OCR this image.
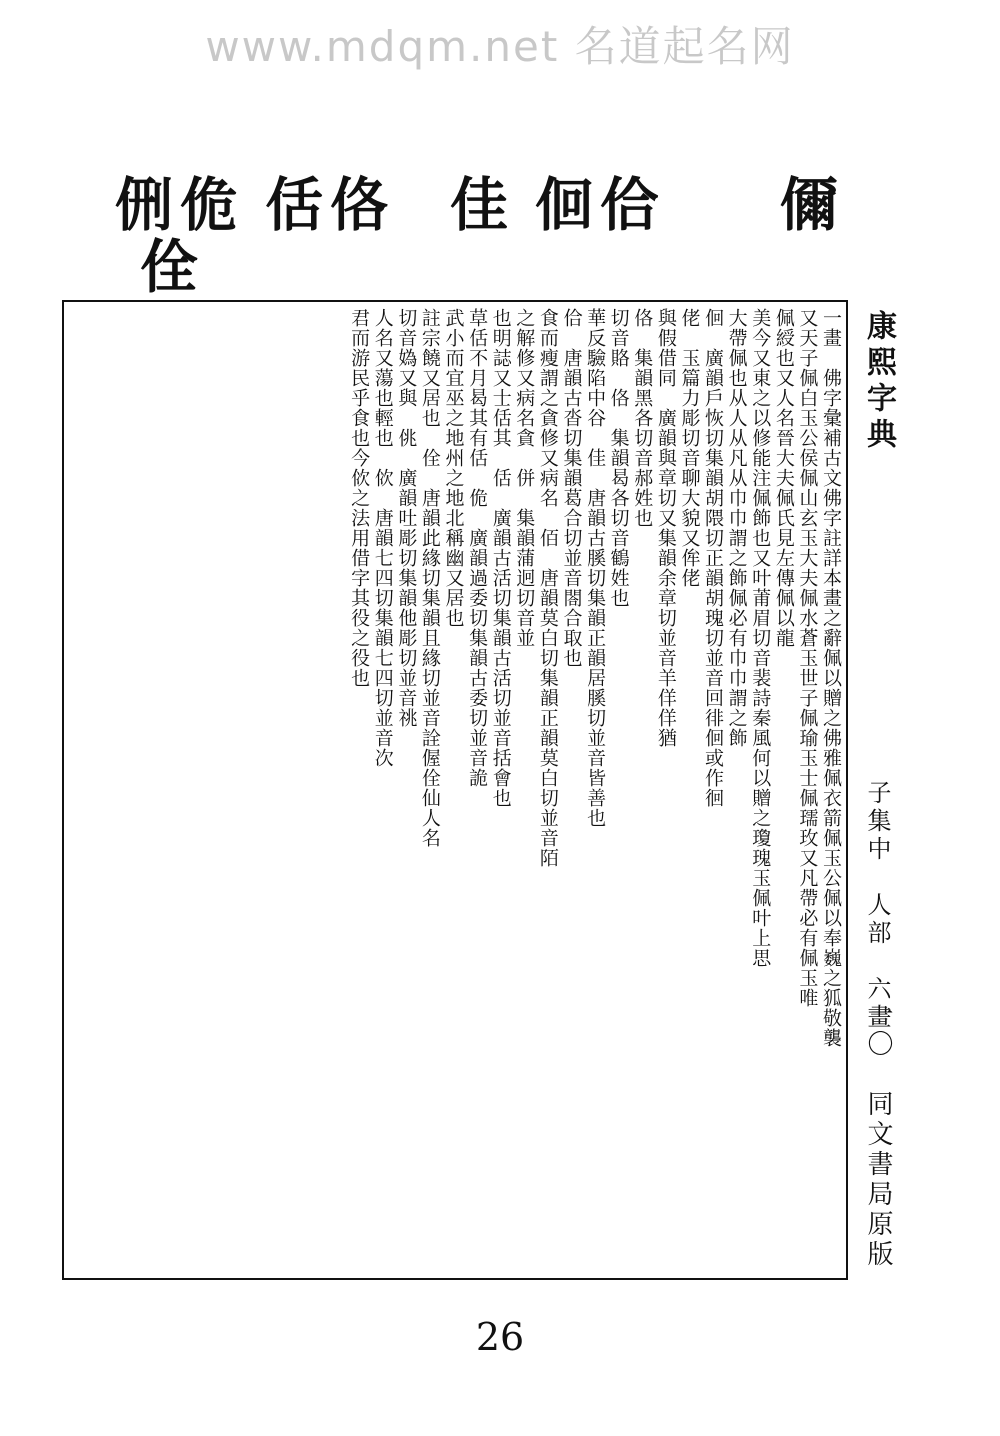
www.mdqm.net 名道起名网
儞
佮
佪
佳
佫
佸
佹
侀
佺
一畫　佛字彙補古文佛字註詳本畫之辭佩以贈之佛雅佩衣箭佩玉公佩以奉巍之狐敬襲
又天子佩白玉公侯佩山玄玉大夫佩水蒼玉世子佩瑜玉士佩瓀玫又凡帶必有佩玉唯
佩綬也又人名晉大夫佩氏見左傳佩以龍
美今又東之以修能注佩飾也又叶莆眉切音裴詩秦風何以贈之瓊瑰玉佩叶上思
大帶佩也从人从凡从巾巾謂之飾佩必有巾巾謂之飾
佪　廣韻戶恢切集韻胡隈切正韻胡瑰切並音回徘佪或作徊
佬　玉篇力彫切音聊大貌又侔佬
與假借同　廣韻與章切又集韻余章切並音羊佯佯猶
佫　集韻黑各切音郝姓也
切音賂　佫　集韻曷各切音鶴姓也
華反驗陷中谷　佳　唐韻古膎切集韻正韻居膎切並音皆善也
佮　唐韻古沓切集韻葛合切並音閤合取也
食而瘦謂之貪修又病名　佰　唐韻莫白切集韻正韻莫白切並音陌
之解修又病名貪　併　集韻蒲迥切音並
也明誌又士佸其　佸　廣韻古活切集韻古活切並音括會也
草佸不月曷其有佸　佹　廣韻過委切集韻古委切並音詭
武小而宜巫之地州之地北稱幽又居也
註宗饒又居也　佺　唐韻此緣切集韻且緣切並音詮偓佺仙人名
切音媯又與　佻　廣韻吐彫切集韻他彫切並音祧
人名又蕩也輕也　佽　唐韻七四切集韻七四切並音次
君而游民乎食也今佽之法用借字其役之役也	康熙字典
子集中　人部　六畫
一〇　同文書局原版
26
